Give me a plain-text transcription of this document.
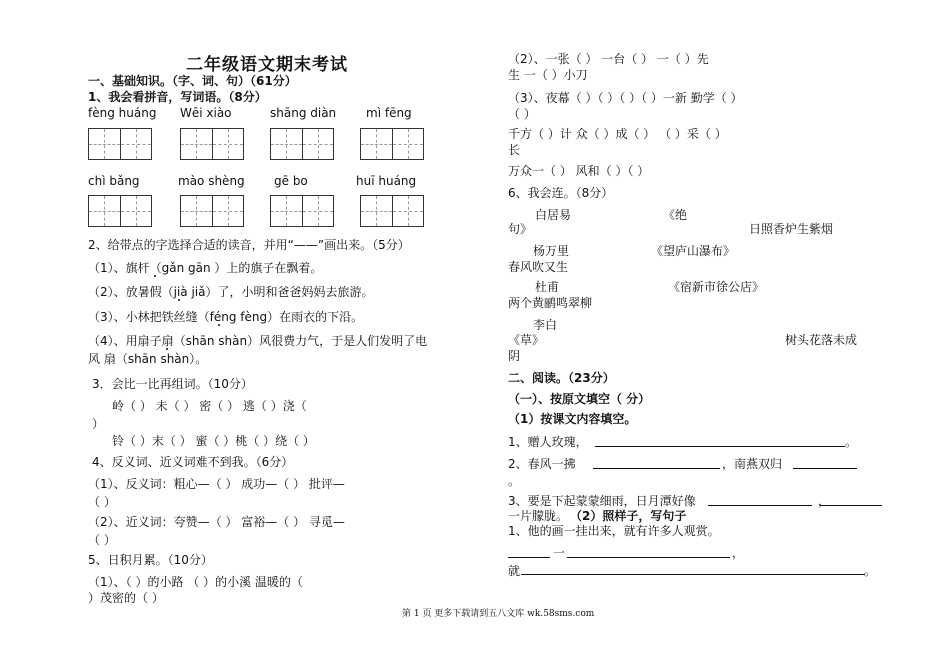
二年级语文期末考试
一、基础知识。（字、词、句）（61分）
1、我会看拼音，写词语。（8分）
fèng huáng Wēi xiào	shāng diàn mì fēng
chì bǎng	mào shèng gē bo	huī huáng
2、给带点的字选择合适的读音，并用“——”画出来。（5分）
（1）、旗杆（gǎn gān ）上的旗子在飘着。
（2）、放暑假（jià jiǎ）了，小明和爸爸妈妈去旅游。
（3）、小林把铁丝缝（féng fèng）在雨衣的下沿。
（4）、用扇子扇（shān shàn）风很费力气，于是人们发明了电
风 扇（shān shàn）。
3．会比一比再组词。（10分）
岭（ ） 未（ ） 密（ ） 逃（ ）浇（
）
铃（ ）末（ ） 蜜（ ）桃（ ）绕（ ）
4、反义词、近义词难不到我。（6分）
（1）、反义词：粗心—（ ） 成功—（ ） 批评—
（ ）
（2）、近义词：夸赞—（ ） 富裕—（ ） 寻觅—
（ ）
5、日积月累。（10分）
（1）、（ ）的小路 （ ）的小溪 温暖的（
）茂密的（ ）
（2）、一张（ ） 一台（ ） 一（ ）先
生 一（ ）小刀
（3）、夜幕（ ）（ ）（ ）（ ）一新 勤学（ ）
（ ）
千方（ ）计 众（ ）成（ ） （ ）采（ ）
长
万众一（ ） 风和（ ）（ ）
6、我会连。（8分）
白居易	《绝
句》	日照香炉生紫烟
杨万里	《望庐山瀑布》
春风吹又生
杜甫	《宿新市徐公店》
两个黄鹂鸣翠柳
李白
《草》	树头花落未成
阴
二、阅读。（23分）
（一）、按原文填空（ 分）
（1）按课文内容填空。
1、赠人玫瑰，	。
2、春风一拂	，南燕双归
。
3、要是下起蒙蒙细雨，日月潭好像	，
一片朦胧。 （2）照样子，写句子
1、他的画一挂出来，就有许多人观赏。
一	，
就	。
第 1 页 更多下载请到五八文库 wk.58sms.com
